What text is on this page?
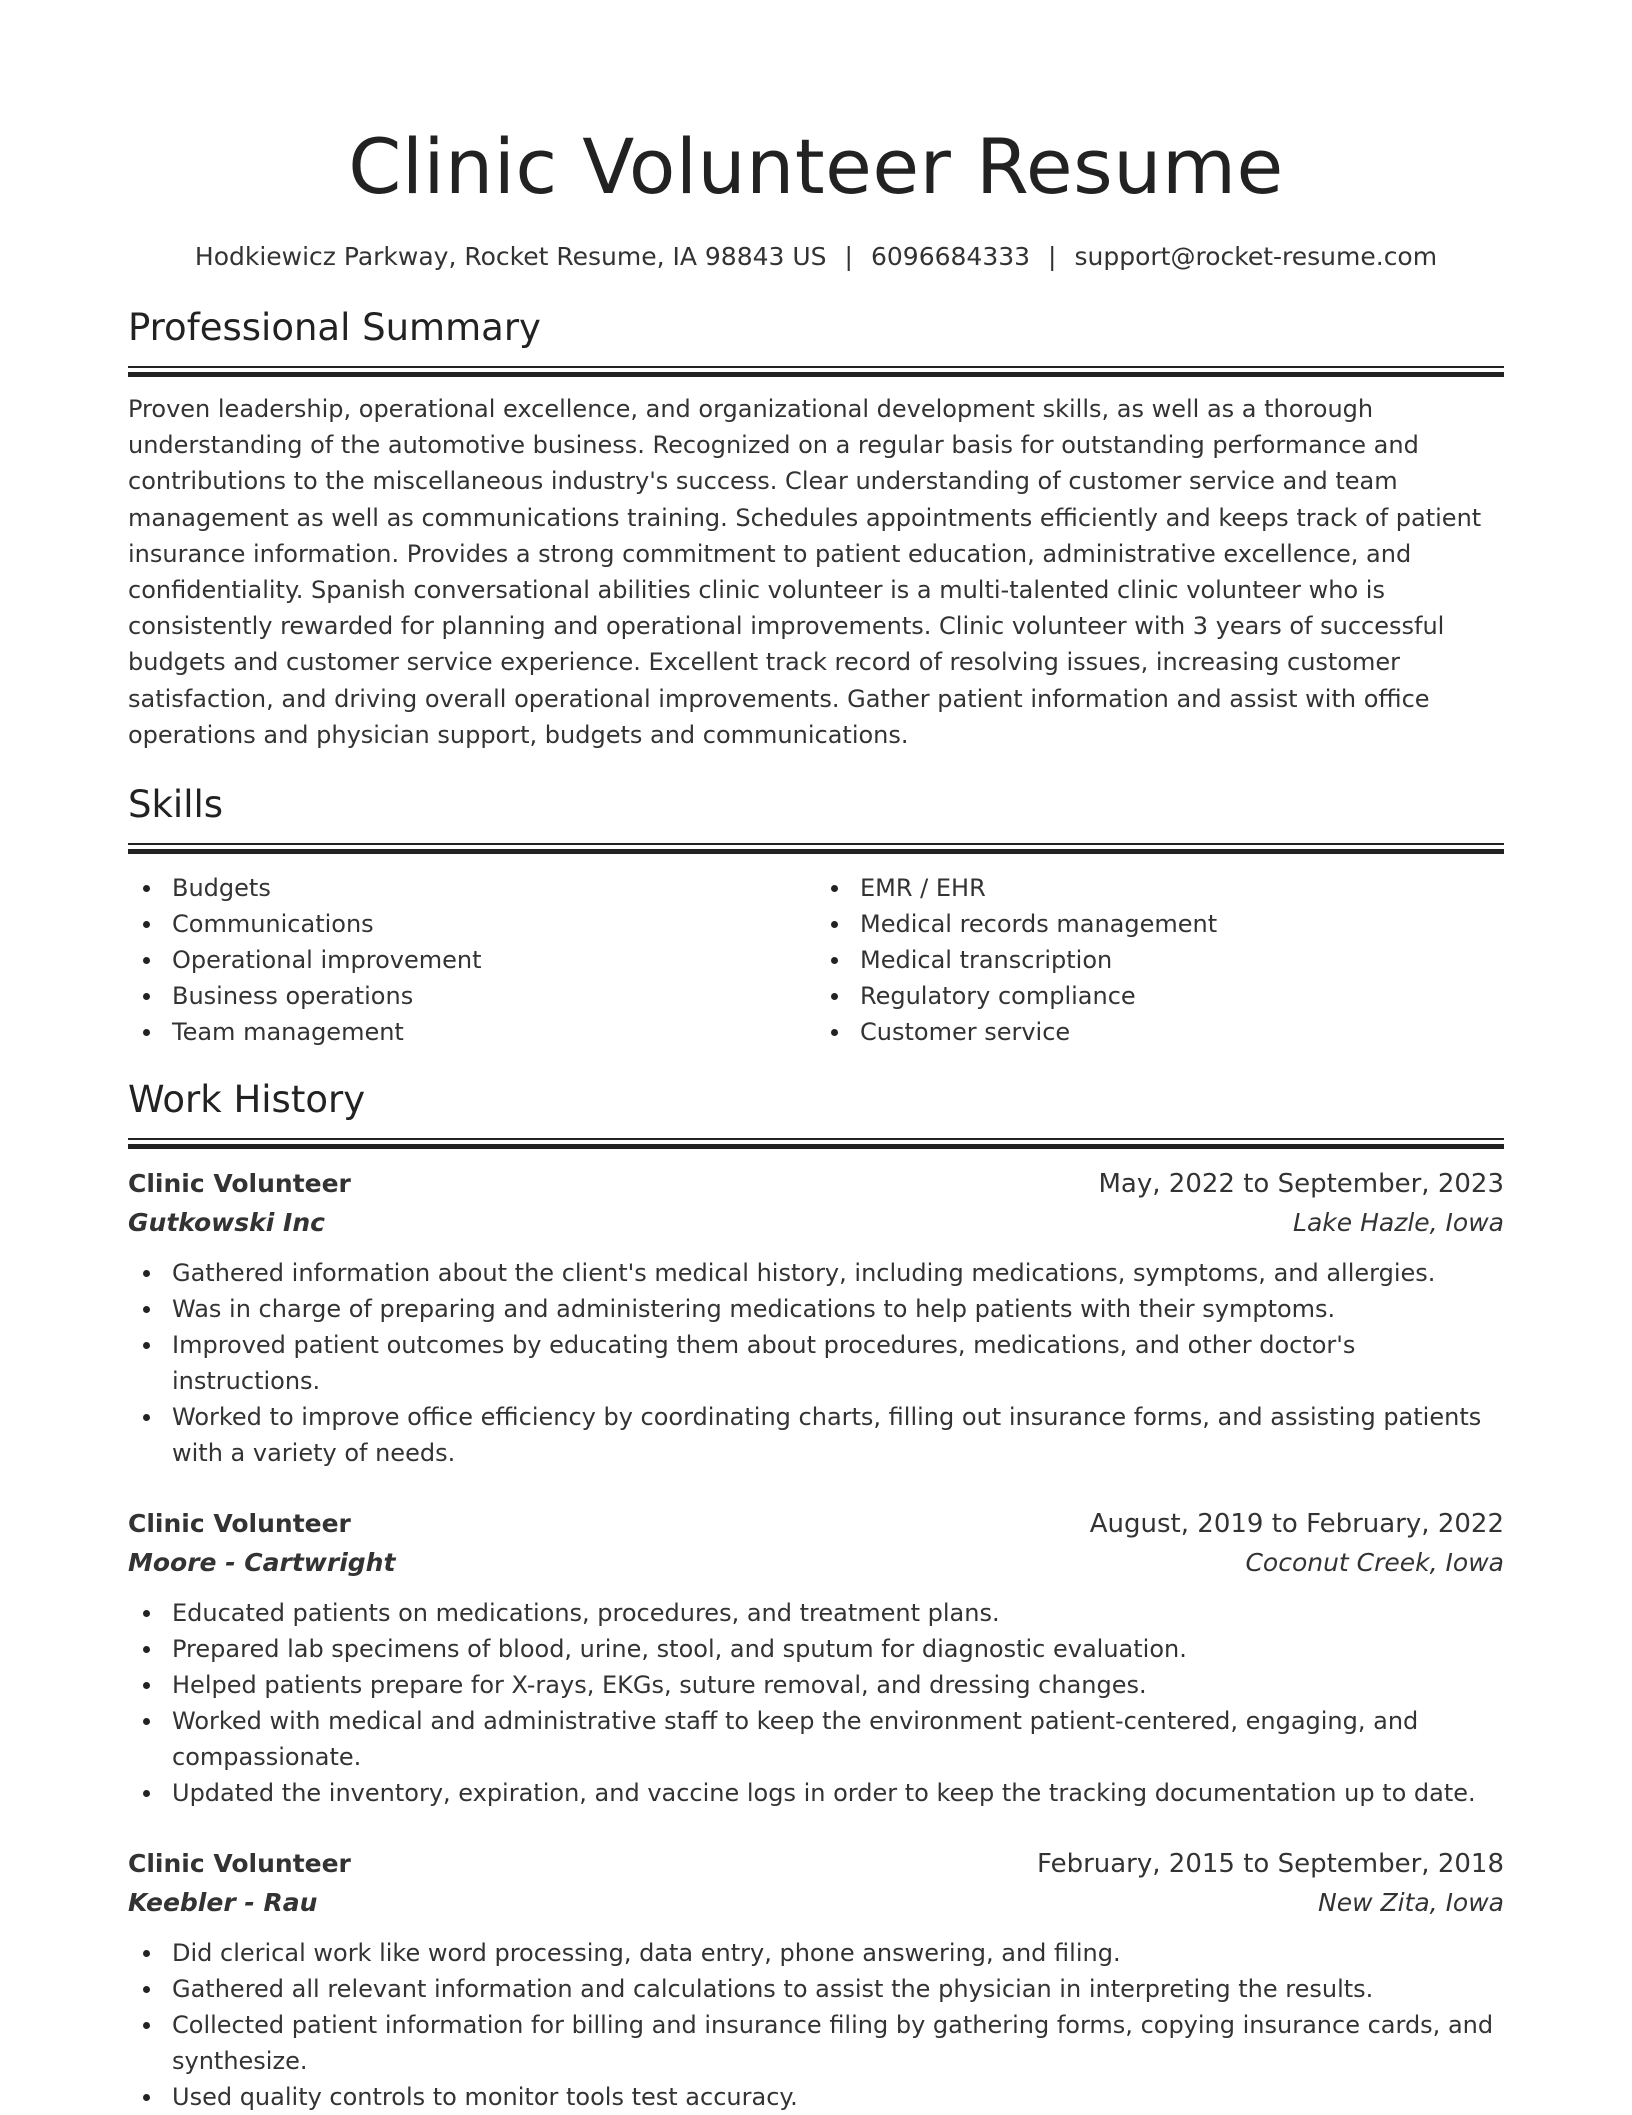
Clinic Volunteer Resume
Hodkiewicz Parkway, Rocket Resume, IA 98843 US | 6096684333 | support@rocket-resume.com
Professional Summary

Proven leadership, operational excellence, and organizational development skills, as well as a thorough understanding of the automotive business. Recognized on a regular basis for outstanding performance and contributions to the miscellaneous industry's success. Clear understanding of customer service and team management as well as communications training. Schedules appointments efficiently and keeps track of patient insurance information. Provides a strong commitment to patient education, administrative excellence, and confidentiality. Spanish conversational abilities clinic volunteer is a multi-talented clinic volunteer who is consistently rewarded for planning and operational improvements. Clinic volunteer with 3 years of successful budgets and customer service experience. Excellent track record of resolving issues, increasing customer satisfaction, and driving overall operational improvements. Gather patient information and assist with office operations and physician support, budgets and communications.

Skills
Budgets
Communications
Operational improvement
Business operations
Team management
EMR / EHR
Medical records management
Medical transcription
Regulatory compliance
Customer service
Work History
Clinic Volunteer	May, 2022 to September, 2023
Gutkowski Inc	Lake Hazle, Iowa
Gathered information about the client's medical history, including medications, symptoms, and allergies.
Was in charge of preparing and administering medications to help patients with their symptoms.
Improved patient outcomes by educating them about procedures, medications, and other doctor's instructions.
Worked to improve office efficiency by coordinating charts, filling out insurance forms, and assisting patients with a variety of needs.
Clinic Volunteer	August, 2019 to February, 2022
Moore - Cartwright	Coconut Creek, Iowa
Educated patients on medications, procedures, and treatment plans.
Prepared lab specimens of blood, urine, stool, and sputum for diagnostic evaluation.
Helped patients prepare for X-rays, EKGs, suture removal, and dressing changes.
Worked with medical and administrative staff to keep the environment patient-centered, engaging, and compassionate.
Updated the inventory, expiration, and vaccine logs in order to keep the tracking documentation up to date.
Clinic Volunteer	February, 2015 to September, 2018
Keebler - Rau	New Zita, Iowa
Did clerical work like word processing, data entry, phone answering, and filing.
Gathered all relevant information and calculations to assist the physician in interpreting the results.
Collected patient information for billing and insurance filing by gathering forms, copying insurance cards, and synthesize.
Used quality controls to monitor tools test accuracy.
